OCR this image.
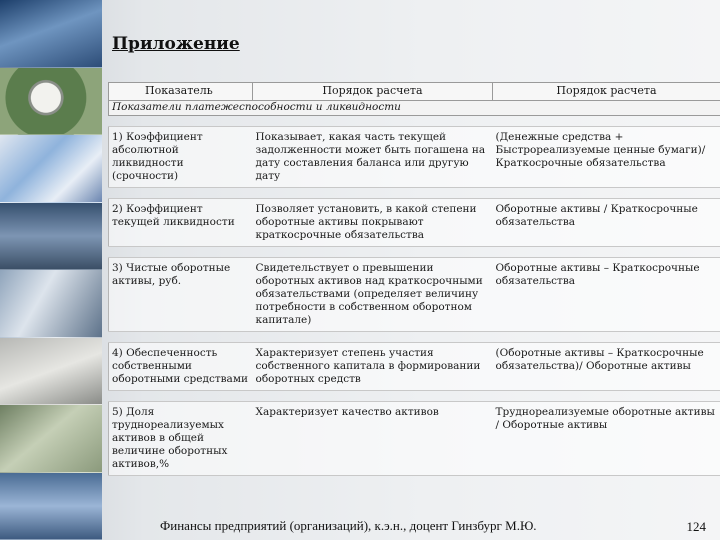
Приложение
Показатель	Порядок расчета	Порядок расчета
Показатели платежеспособности и ликвидности		

1) Коэффициент абсолютной ликвидности (срочности)	Показывает, какая часть текущей задолженности может быть погашена на дату составления баланса или другую дату	(Денежные средства + Быстрореализуемые ценные бумаги)/ Краткосрочные обязательства

2) Коэффициент текущей ликвидности	Позволяет установить, в какой степени оборотные активы покрывают краткосрочные обязательства	Оборотные активы / Краткосрочные обязательства

3) Чистые оборотные активы, руб.	Свидетельствует о превышении оборотных активов над краткосрочными обязательствами (определяет величину потребности в собственном оборотном капитале)	Оборотные активы – Краткосрочные обязательства

4) Обеспеченность собственными оборотными средствами	Характеризует степень участия собственного капитала в формировании оборотных средств	(Оборотные активы – Краткосрочные обязательства)/ Оборотные активы

5) Доля труднореализуемых активов в общей величине оборотных активов,%	Характеризует качество активов	Труднореализуемые оборотные активы / Оборотные активы
Финансы предприятий (организаций), к.э.н., доцент Гинзбург М.Ю.	124
